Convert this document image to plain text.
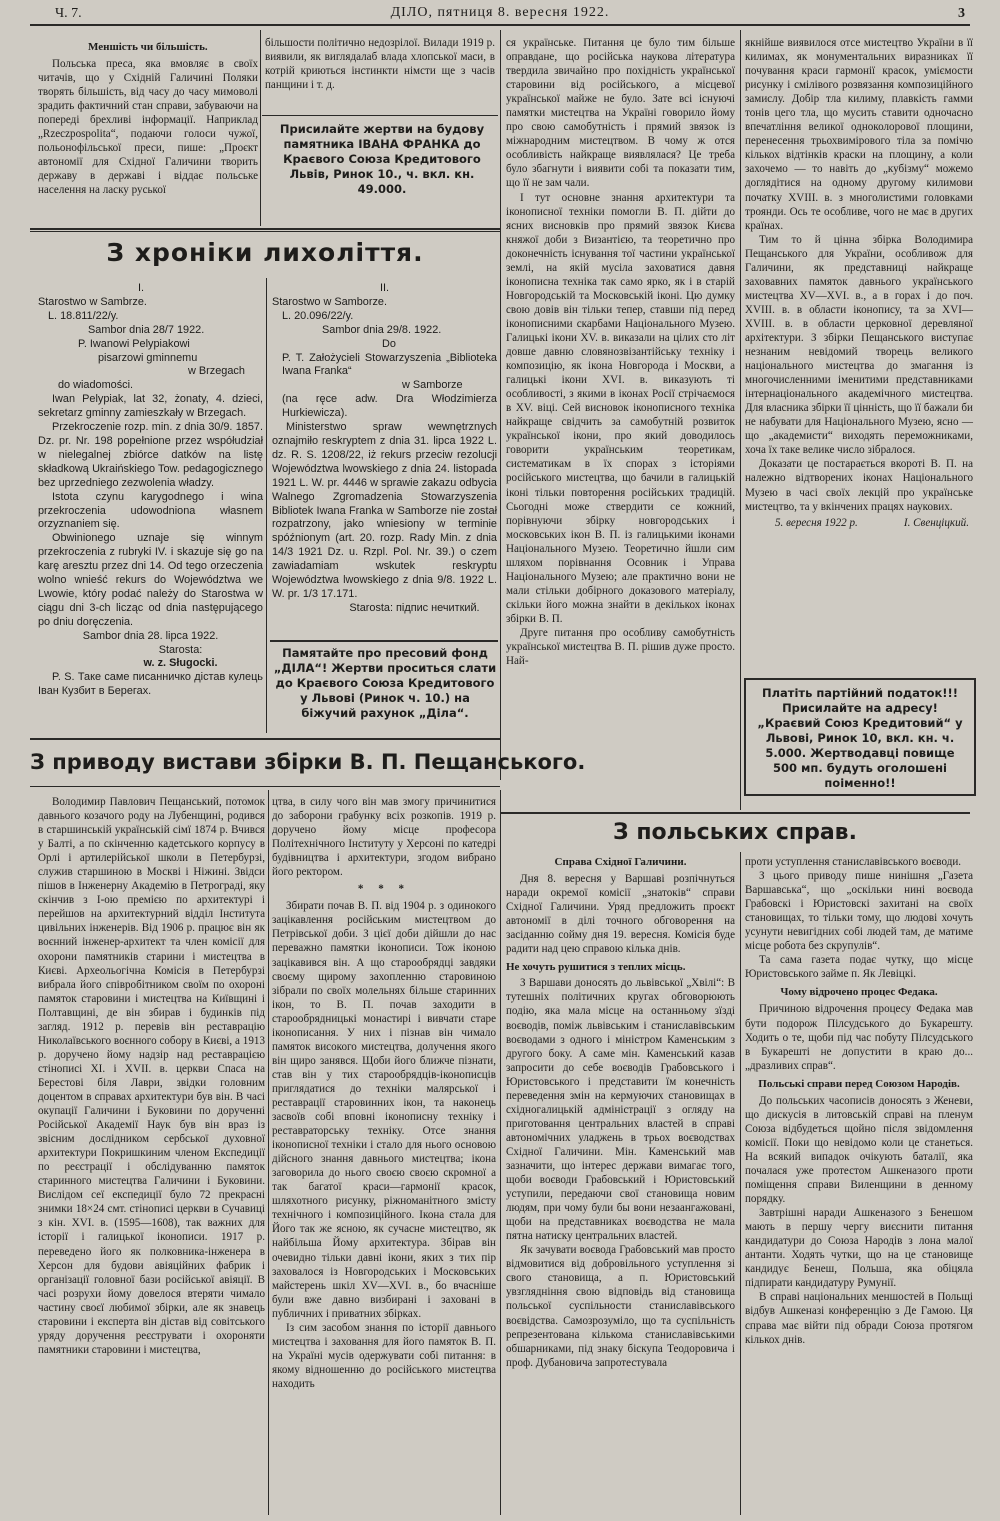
Ч. 7.	ДІЛО, пятниця 8. вересня 1922.	3
Меншість чи більшість.

Польська преса, яка вмовляє в своїх читачів, що у Східній Галичині Поляки творять більшість, від часу до часу мимоволі зрадить фактичний стан справи, забуваючи на попереді брехливі інформації. Наприклад „Rzeczpospolita“, подаючи голоси чужої, польонофільської преси, пише: „Проєкт автономії для Східної Галичини творить державу в державі і віддає польське населення на ласку руської

більшости політично недозрілої. Вилади 1919 р. виявили, як виглядалаб влада хлопської маси, в котрій криються інстинкти німсти ще з часів панщини і т. д.

Присилайте жертви на будову памятника ІВАНА ФРАНКА до Краєвого Союза Кредитового Львів, Ринок 10., ч. вкл. кн. 49.000.
З хроніки лихоліття.
I.
Starostwo w Sambrze.
L. 18.811/22/y.
Sambor dnia 28/7 1922.
P. Iwanowi Pelypiakowi
pisarzowi gminnemu
w Brzegach

do wiadomości.

Iwan Pelypiak, lat 32, żonaty, 4. dzieci, sekretarz gminny zamieszkały w Brzegach.

Przekroczenie rozp. min. z dnia 30/9. 1857. Dz. pr. Nr. 198 popełnione przez współudział w nielegalnej zbiórce datków na listę składkową Ukraińskiego Tow. pedagogicznego bez uprzedniego zezwolenia władzy.

Istota czynu karygodnego i wina przekroczenia udowodniona własnem orzyznaniem się.

Obwinionego uznaje się winnym przekroczenia z rubryki IV. i skazuje się go na karę aresztu przez dni 14. Od tego orzeczenia wolno wnieść rekurs do Województwa we Lwowie, który podać należy do Starostwa w ciągu dni 3-ch licząc od dnia następującego po dniu doręczenia.

Sambor dnia 28. lipca 1922.
Starosta:
w. z. Sługocki.

P. S. Таке саме писанничко дістав кулець Іван Кузбит в Берегах.

II.
Starostwo w Samborze.
L. 20.096/22/y.
Sambor dnia 29/8. 1922.
Do
P. T. Założycieli Stowarzyszenia „Biblioteka Iwana Franka“
w Samborze
(na ręce adw. Dra Włodzimierza Hurkiewicza).

Ministerstwo spraw wewnętrznych oznajmiło reskryptem z dnia 31. lipca 1922 L. dz. R. S. 1208/22, iż rekurs przeciw rezolucji Województwa lwowskiego z dnia 24. listopada 1921 L. W. pr. 4446 w sprawie zakazu odbycia Walnego Zgromadzenia Stowarzyszenia Bibliotek Iwana Franka w Samborze nie został rozpatrzony, jako wniesiony w terminie spóźnionym (art. 20. rozp. Rady Min. z dnia 14/3 1921 Dz. u. Rzpl. Pol. Nr. 39.) o czem zawiadamiam wskutek reskryptu Województwa lwowskiego z dnia 9/8. 1922 L. W. pr. 1/3 17.171.

Starosta: підпис нечиткий.
Памятайте про пресовий фонд „ДІЛА“! Жертви проситься слати до Краєвого Союза Кредитового у Львові (Ринок ч. 10.) на біжучий рахунок „Діла“.
З приводу вистави збірки В. П. Пещанського.

ся українське. Питання це було тим більше оправдане, що російська наукова література твердила звичайно про похідність української старовини від російського, а місцевої української майже не було. Зате всі існуючі памятки мистецтва на Україні говорило йому про свою самобутність і прямий звязок із міжнародним мистецтвом. В чому ж отся особливість найкраще виявлялася? Це треба було збагнути і виявити собі та показати тим, що її не зам чали.

І тут основне знання архитектури та іконописної техніки помогли В. П. дійти до ясних висновків про прямий звязок Києва княжої доби з Византією, та теоретично про доконечність існування тої частини української землі, на якій мусіла заховатися давня іконописна техніка так само ярко, як і в старій Новгородській та Московській іконі. Цю думку свою довів він тільки тепер, ставши під перед іконописними скарбами Національного Музею. Галицькі ікони XV. в. виказали на цілих сто літ довше давню словянозвізантійську техніку і композицію, як ікона Новгорода і Москви, а галицькі ікони XVI. в. виказують ті особливості, з якими в іконах Росії стрічаємося в XV. віці. Сей висновок іконописного техніка найкраще свідчить за самобутній розвиток української ікони, про який доводилось говорити українським теоретикам, систематикам в їх спорах з історіями російського мистецтва, що бачили в галицькій іконі тільки повторення російських традицій. Сьогодні може ствердити се кожний, порівнуючи збірку новгородських і московських ікон В. П. із галицькими іконами Національного Музею. Теоретично йшли сим шляхом порівнання Осовник і Управа Національного Музею; але практично вони не мали стільки добірного доказового матеріалу, скільки його можна знайти в декількох іконах збірки В. П.

Друге питання про особливу самобутність української мистецтва В. П. рішив дуже просто. Най-

якнійше виявилося отсе мистецтво України в її килимах, як монументальних виразниках її почування краси гармонії красок, уміємости рисунку і смілівого розвязання композиційного замислу. Добір тла килиму, плавкість гамми тонів цего тла, що мусить ставити одночасно впечатління великої одноколорової площини, перенесення трьохвимірового тіла за помічю кількох відтінків краски на площину, а коли захочемо — то навіть до „кубізму“ можемо доглядітися на одному другому килимови початку XVIII. в. з многолистими головками троянди. Ось те особливе, чого не має в других країнах.

Тим то й цінна збірка Володимира Пещанського для України, особливож для Галичини, як представниці найкраще заховавних памяток давнього українського мистецтва XV—XVI. в., а в горах і до поч. XVIII. в. в области іконопису, та за XVI—XVIII. в. в области церковної деревляної архітектури. З збірки Пещанського виступає незнаним невідомий творець великого національного мистецтва до змагання із многочисленними іменитими представниками інтернаціонального академічного мистецтва. Для власника збірки її цінність, що її бажали би не набувати для Національного Музею, ясно — що „академисти“ виходять переможниками, хоча їх таке велике число зібралося.

Доказати це постарається вкороті В. П. на належно відтворених іконах Національного Музею в часі своїх лекцій про українське мистецтво, та у вкінчених працях наукових.

5. вересня 1922 р.	І. Свенціцкий.
Платіть партійний податок!!! Присилайте на адресу! „Краєвий Союз Кредитовий“ у Львові, Ринок 10, вкл. кн. ч. 5.000. Жертводавці повище 500 мп. будуть оголошені поіменно!!
З польських справ.

Володимир Павлович Пещанський, потомок давнього козачого роду на Лубенщині, родився в старшинській українській сімї 1874 р. Вчився у Балті, а по скінченню кадетського корпусу в Орлі і артилерійської школи в Петербурзі, служив старшиною в Москві і Ніжині. Звідси пішов в Інженерну Академію в Петрограді, яку скінчив з I-ою премією по архитектурі і перейшов на архитектурний відділ Інститута цивільних інженерів. Від 1906 р. працює він як воєнний інженер-архитект та член комісії для охорони памятників старини і мистецтва в Києві. Археольогічна Комісія в Петербурзі вибрала його співробітником своїм по охороні памяток старовини і мистецтва на Київщині і Полтавщині, де він збирав і будинків під загляд. 1912 р. перевів він реставрацію Николаївського воєнного собору в Києві, а 1913 р. доручено йому надзір над реставрацією стінописі XI. і XVII. в. церкви Спаса на Берестові біля Лаври, звідки головним доцентом в справах архитектури був він. В часі окупації Галичини і Буковини по дорученні Російської Академії Наук був він враз із звісним дослідником сербської духовної архитектури Покришкиним членом Експедиції по реєстрації і обслідуванню памяток старинного мистецтва Галичини і Буковини. Вислідом сеї експедиції було 72 прекрасні знимки 18×24 смт. стінописі церкви в Сучавиці з кін. XVI. в. (1595—1608), так важних для історії і галицької іконописи. 1917 р. переведено його як полковника-інженера в Херсон для будови авіяційних фабрик і організації головної бази російської авіяції. В часі розрухи йому довелося втеряти чимало частину своєї любимої збірки, але як знавець старовини і експерта він дістав від совітського уряду доручення реєструвати і охороняти памятники старовини і мистецтва,

цтва, в силу чого він мав змогу причинитися до заборони грабунку всіх розкопів. 1919 р. доручено йому місце професора Політехнічного Інституту у Херсоні по катедрі будівництва і архитектури, згодом вибрано його ректором.

* * *

Збирати почав В. П. від 1904 р. з одинокого зацікавлення російським мистецтвом до Петрівської доби. З цієї доби дійшли до нас переважно памятки іконописи. Тож іконою зацікавився він. А що старообрядці завдяки своєму щирому захопленню старовиною зібрали по своїх молельнях більше старинних ікон, то В. П. почав заходити в старообрядницькі монастирі і вивчати старе іконописання. У них і пізнав він чимало памяток високого мистецтва, долучення якого він щиро занявся. Щоби його ближче пізнати, став він у тих старообрядців-іконописців приглядатися до техніки малярської і реставрації старовинних ікон, та наконець засвоїв собі вповні іконописну техніку і реставраторську техніку. Отсе знання іконописної техніки і стало для нього основою дійсного знання давнього мистецтва; ікона заговорила до нього своєю своєю скромної а так багатої краси—гармонії красок, шляхотного рисунку, ріжноманітного змісту технічного і композиційного. Ікона стала для Його так же ясною, як сучасне мистецтво, як найбільша Йому архитектура. Збірав він очевидно тільки давні ікони, яких з тих пір заховалося із Новгородських і Московських майстерень шкіл XV—XVI. в., бо вчасніше були вже давно визбирані і заховані в публичних і приватних збірках.

Із сим засобом знання по історії давнього мистецтва і заховання для його памяток В. П. на Україні мусів одержувати собі питання: в якому відношенню до російського мистецтва находить

Справа Східної Галичини.

Дня 8. вересня у Варшаві розпічнуться наради окремої комісії „знатоків“ справи Східної Галичини. Уряд предложить проєкт автономії в ділі точного обговорення на засіданню сойму дня 19. вересня. Комісія буде радити над цею справою кілька днів.

Не хочуть рушитися з теплих місць.

З Варшави доносять до львівської „Хвілі“: В тутешніх політичних кругах обговорюють подію, яка мала місце на останньому зїзді воєводів, поміж львівським і станиславівським воєводами з одного і міністром Каменським з другого боку. А саме мін. Каменський казав запросити до себе воєводів Грабовського і Юристовського і представити їм конечність переведення змін на кермуючих становищах в східногалицькій адміністрації з огляду на приготовання центральних властей в справі автономічних уладжень в трьох воєводствах Східної Галичини. Мін. Каменський мав зазначити, що інтерес держави вимагає того, щоби воєводи Грабовський і Юристовський уступили, передаючи свої становища новим людям, при чому були бы вони незаангажовані, щоби на представниках воєводства не мала пятна натиску центральних властей.

Як зачувати воєвода Грабовський мав просто відмовитися від добровільного уступлення зі свого становища, а п. Юристовський увзглядніння свою відповідь від становища польської суспільности станиславівського воєвідства. Самозрозуміло, що та суспільність репрезентована кількома станиславівськими обшарниками, під знаку біскупа Теодоровича і проф. Дубановича запротестувала

проти уступлення станиславівського воєводи.

З цього приводу пише нинішня „Газета Варшавська“, що „оскільки нині воєвода Грабовскі і Юристовскі захитані на своїх становищах, то тільки тому, що людові хочуть усунути невигідних собі людей там, де матиме місце робота без скрупулів“.

Та сама газета подає чутку, що місце Юристовського займе п. Як Левіцкі.

Чому відрочено процес Федака.

Причиною відрочення процесу Федака мав бути подорож Пілсудського до Букарешту. Ходить о те, щоби під час побуту Пілсудського в Букарешті не допустити в краю до... „дразливих справ“.

Польські справи перед Союзом Народів.

До польських часописів доносять з Женеви, що дискусія в литовській справі на пленум Союза відбудеться щойно після звідомлення комісії. Поки що невідомо коли це станеться. На всякий випадок очікують баталії, яка почалася уже протестом Ашкеназого проти поміщення справи Виленщини в денному порядку.

Завтрішні наради Ашкеназого з Бенешом мають в першу чергу виєснити питання кандидатури до Союза Народів з лона малої антанти. Ходять чутки, що на це становище кандидує Бенеш, Польша, яка обіцяла підпирати кандидатуру Румунії.

В справі національних меншостей в Польщі відбув Ашкеназі конференцію з Де Гамою. Ця справа має війти під обради Союза протягом кількох днів.
